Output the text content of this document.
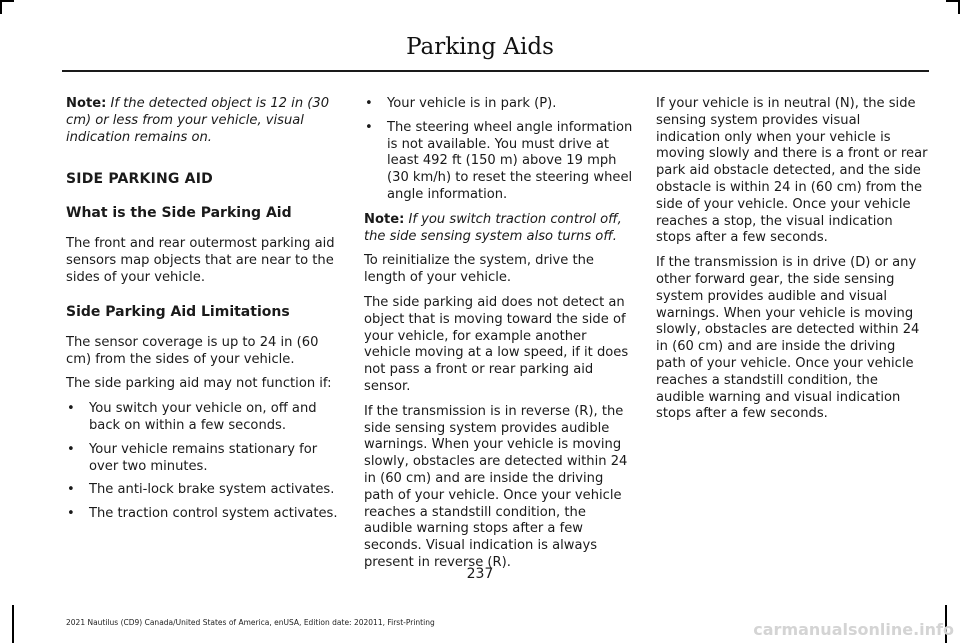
Parking Aids

Note: If the detected object is 12 in (30 cm) or less from your vehicle, visual indication remains on.

SIDE PARKING AID
What is the Side Parking Aid

The front and rear outermost parking aid sensors map objects that are near to the sides of your vehicle.

Side Parking Aid Limitations

The sensor coverage is up to 24 in (60 cm) from the sides of your vehicle.

The side parking aid may not function if:

• You switch your vehicle on, off and back on within a few seconds.
• Your vehicle remains stationary for over two minutes.
• The anti-lock brake system activates.
• The traction control system activates.
• Your vehicle is in park (P).
• The steering wheel angle information is not available. You must drive at least 492 ft (150 m) above 19 mph (30 km/h) to reset the steering wheel angle information.

Note: If you switch traction control off, the side sensing system also turns off.

To reinitialize the system, drive the length of your vehicle.

The side parking aid does not detect an object that is moving toward the side of your vehicle, for example another vehicle moving at a low speed, if it does not pass a front or rear parking aid sensor.

If the transmission is in reverse (R), the side sensing system provides audible warnings. When your vehicle is moving slowly, obstacles are detected within 24 in (60 cm) and are inside the driving path of your vehicle. Once your vehicle reaches a standstill condition, the audible warning stops after a few seconds. Visual indication is always present in reverse (R).

If your vehicle is in neutral (N), the side sensing system provides visual indication only when your vehicle is moving slowly and there is a front or rear park aid obstacle detected, and the side obstacle is within 24 in (60 cm) from the side of your vehicle. Once your vehicle reaches a stop, the visual indication stops after a few seconds.

If the transmission is in drive (D) or any other forward gear, the side sensing system provides audible and visual warnings. When your vehicle is moving slowly, obstacles are detected within 24 in (60 cm) and are inside the driving path of your vehicle. Once your vehicle reaches a standstill condition, the audible warning and visual indication stops after a few seconds.

237
2021 Nautilus (CD9) Canada/United States of America, enUSA, Edition date: 202011, First-Printing	carmanualsonline.info
